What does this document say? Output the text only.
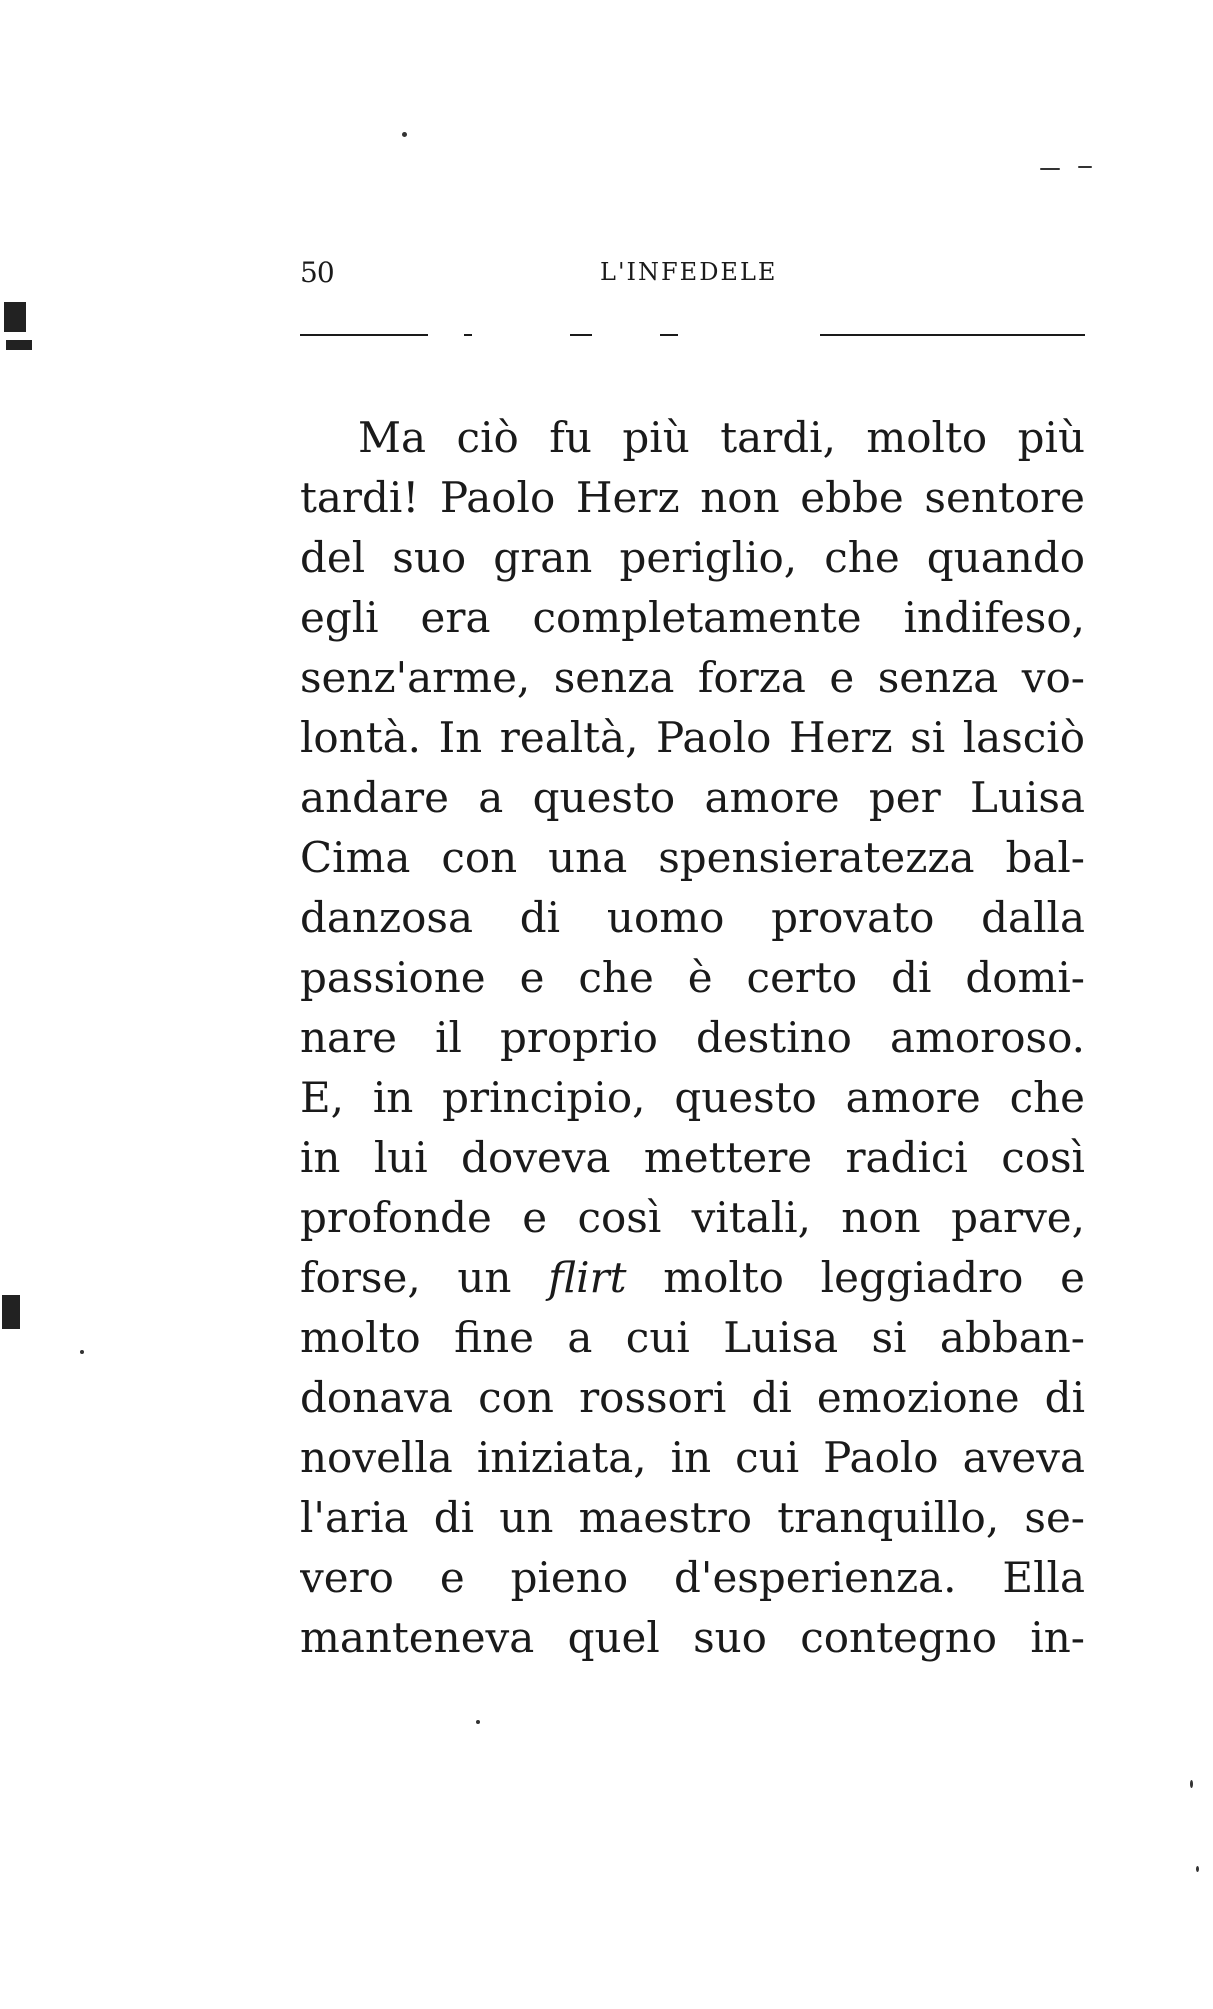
50	L'INFEDELE
Ma ciò fu più tardi, molto più
tardi! Paolo Herz non ebbe sentore
del suo gran periglio, che quando
egli era completamente indifeso,
senz'arme, senza forza e senza vo-
lontà. In realtà, Paolo Herz si lasciò
andare a questo amore per Luisa
Cima con una spensieratezza bal-
danzosa di uomo provato dalla
passione e che è certo di domi-
nare il proprio destino amoroso.
E, in principio, questo amore che
in lui doveva mettere radici così
profonde e così vitali, non parve,
forse, un flirt molto leggiadro e
molto fine a cui Luisa si abban-
donava con rossori di emozione di
novella iniziata, in cui Paolo aveva
l'aria di un maestro tranquillo, se-
vero e pieno d'esperienza. Ella
manteneva quel suo contegno in-
